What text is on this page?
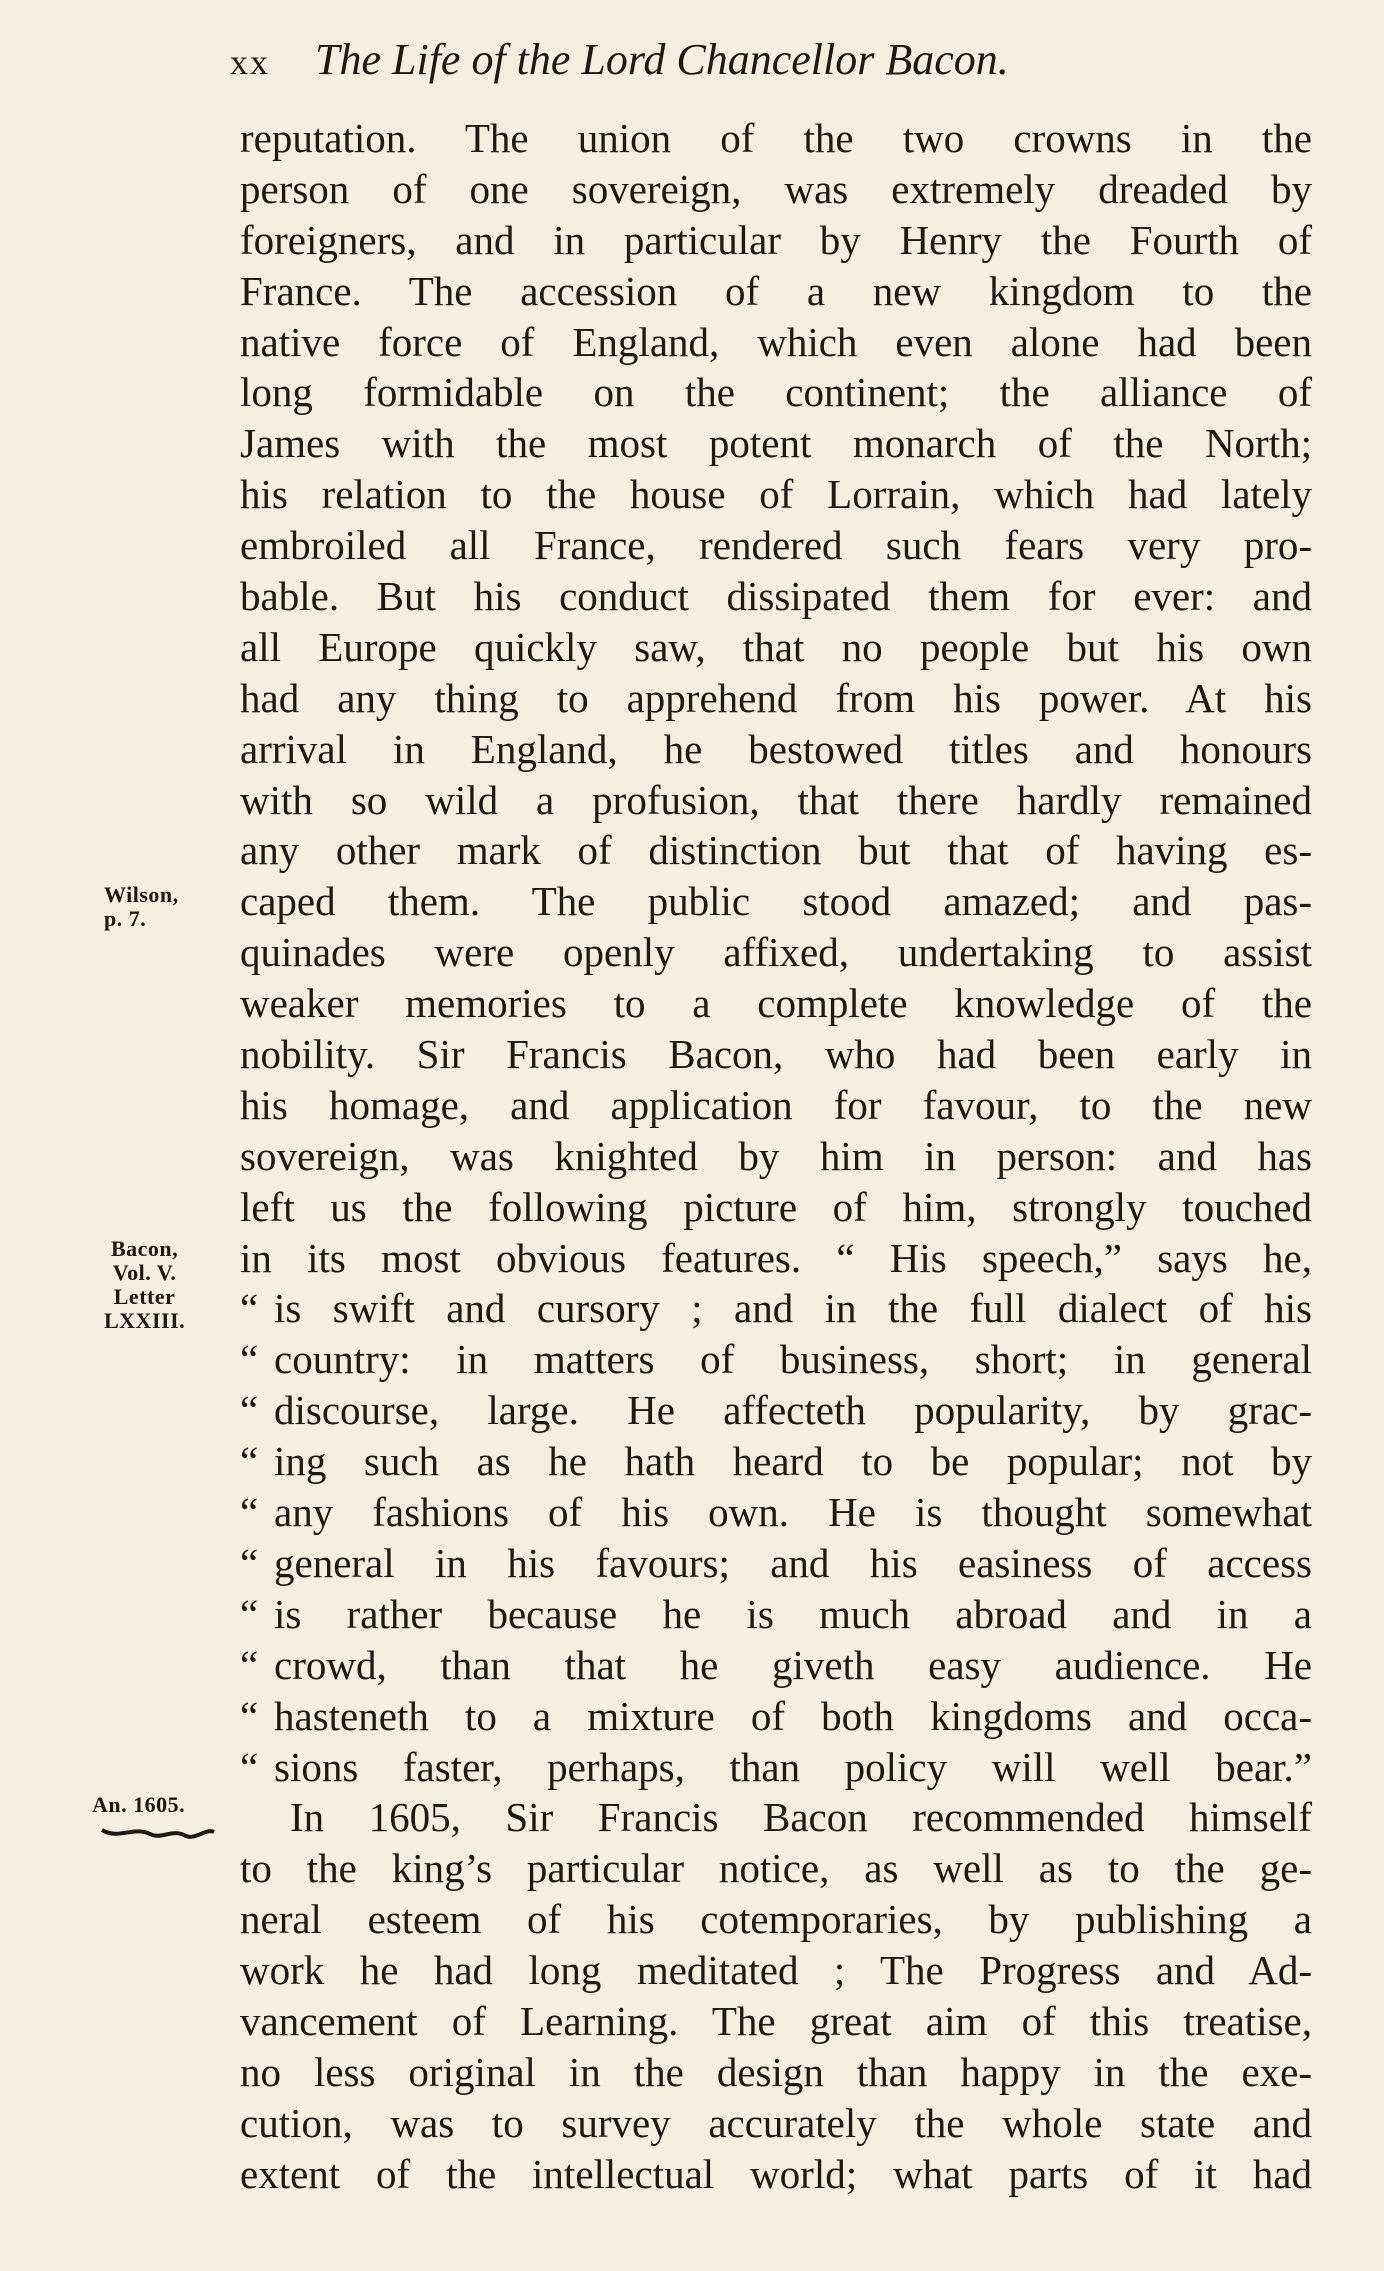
xx The Life of the Lord Chancellor Bacon.
Wilson,
p. 7.
Bacon,
Vol. V.
Letter
LXXIII.
An. 1605.
reputation. The union of the two crowns in the
person of one sovereign, was extremely dreaded by
foreigners, and in particular by Henry the Fourth of
France. The accession of a new kingdom to the
native force of England, which even alone had been
long formidable on the continent; the alliance of
James with the most potent monarch of the North;
his relation to the house of Lorrain, which had lately
embroiled all France, rendered such fears very pro-
bable. But his conduct dissipated them for ever: and
all Europe quickly saw, that no people but his own
had any thing to apprehend from his power. At his
arrival in England, he bestowed titles and honours
with so wild a profusion, that there hardly remained
any other mark of distinction but that of having es-
caped them. The public stood amazed; and pas-
quinades were openly affixed, undertaking to assist
weaker memories to a complete knowledge of the
nobility. Sir Francis Bacon, who had been early in
his homage, and application for favour, to the new
sovereign, was knighted by him in person: and has
left us the following picture of him, strongly touched
in its most obvious features. “ His speech,” says he,
“ is swift and cursory ; and in the full dialect of his
“ country: in matters of business, short; in general
“ discourse, large. He affecteth popularity, by grac-
“ ing such as he hath heard to be popular; not by
“ any fashions of his own. He is thought somewhat
“ general in his favours; and his easiness of access
“ is rather because he is much abroad and in a
“ crowd, than that he giveth easy audience. He
“ hasteneth to a mixture of both kingdoms and occa-
“ sions faster, perhaps, than policy will well bear.”
In 1605, Sir Francis Bacon recommended himself
to the king’s particular notice, as well as to the ge-
neral esteem of his cotemporaries, by publishing a
work he had long meditated ; The Progress and Ad-
vancement of Learning. The great aim of this treatise,
no less original in the design than happy in the exe-
cution, was to survey accurately the whole state and
extent of the intellectual world; what parts of it had
